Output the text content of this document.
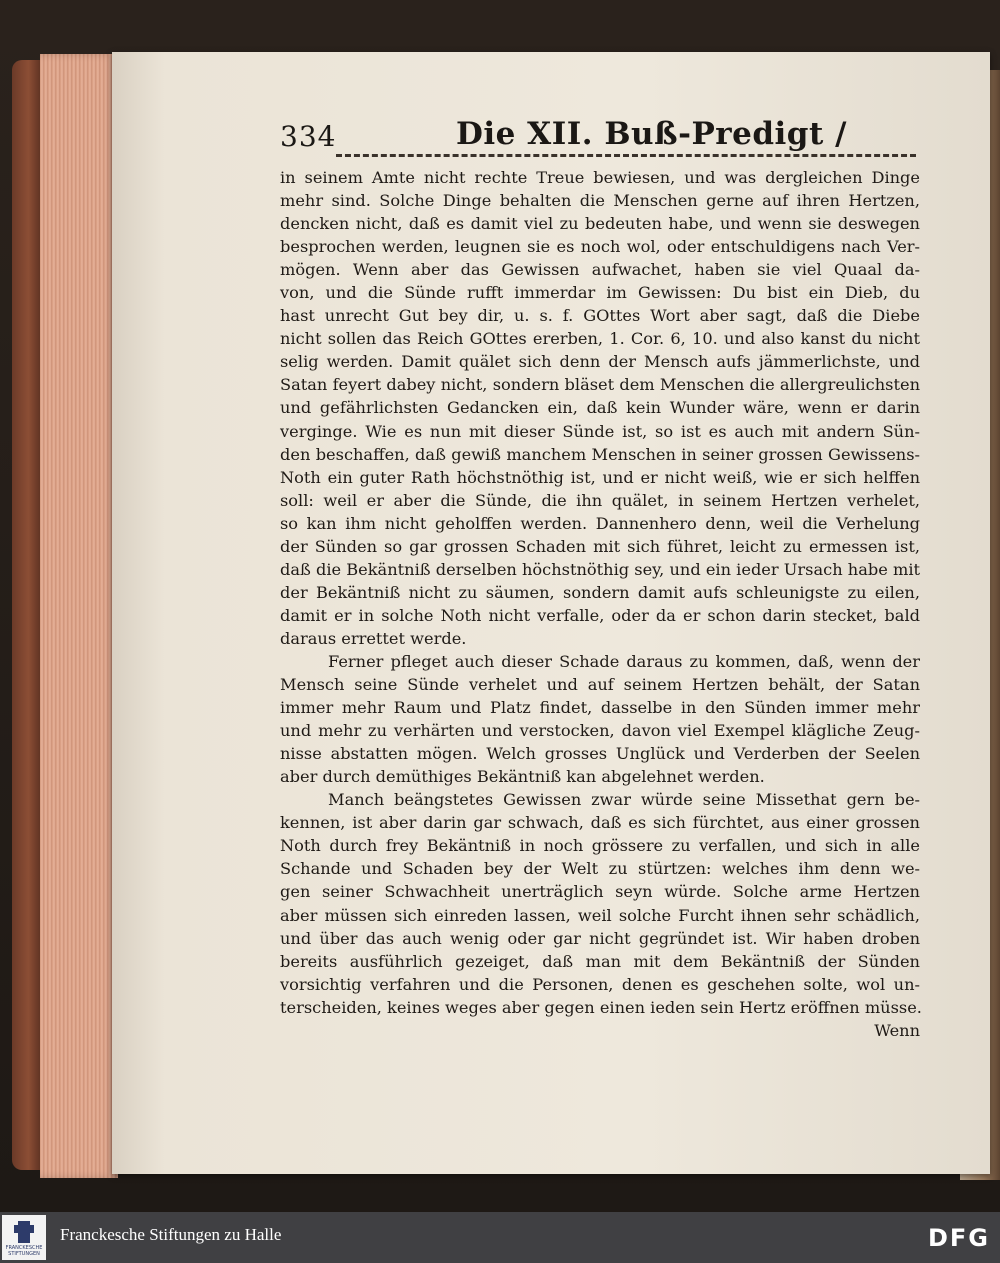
334	Die XII. Buß-Predigt /
in seinem Amte nicht rechte Treue bewiesen, und was dergleichen Dinge
mehr sind. Solche Dinge behalten die Menschen gerne auf ihren Hertzen,
dencken nicht, daß es damit viel zu bedeuten habe, und wenn sie deswegen
besprochen werden, leugnen sie es noch wol, oder entschuldigens nach Ver-
mögen. Wenn aber das Gewissen aufwachet, haben sie viel Quaal da-
von, und die Sünde rufft immerdar im Gewissen: Du bist ein Dieb, du
hast unrecht Gut bey dir, u. s. f. GOttes Wort aber sagt, daß die Diebe
nicht sollen das Reich GOttes ererben, 1. Cor. 6, 10. und also kanst du nicht
selig werden. Damit quälet sich denn der Mensch aufs jämmerlichste, und
Satan feyert dabey nicht, sondern bläset dem Menschen die allergreulichsten
und gefährlichsten Gedancken ein, daß kein Wunder wäre, wenn er darin
verginge. Wie es nun mit dieser Sünde ist, so ist es auch mit andern Sün-
den beschaffen, daß gewiß manchem Menschen in seiner grossen Gewissens-
Noth ein guter Rath höchstnöthig ist, und er nicht weiß, wie er sich helffen
soll: weil er aber die Sünde, die ihn quälet, in seinem Hertzen verhelet,
so kan ihm nicht geholffen werden. Dannenhero denn, weil die Verhelung
der Sünden so gar grossen Schaden mit sich führet, leicht zu ermessen ist,
daß die Bekäntniß derselben höchstnöthig sey, und ein ieder Ursach habe mit
der Bekäntniß nicht zu säumen, sondern damit aufs schleunigste zu eilen,
damit er in solche Noth nicht verfalle, oder da er schon darin stecket, bald
daraus errettet werde.
Ferner pfleget auch dieser Schade daraus zu kommen, daß, wenn der
Mensch seine Sünde verhelet und auf seinem Hertzen behält, der Satan
immer mehr Raum und Platz findet, dasselbe in den Sünden immer mehr
und mehr zu verhärten und verstocken, davon viel Exempel klägliche Zeug-
nisse abstatten mögen. Welch grosses Unglück und Verderben der Seelen
aber durch demüthiges Bekäntniß kan abgelehnet werden.
Manch beängstetes Gewissen zwar würde seine Missethat gern be-
kennen, ist aber darin gar schwach, daß es sich fürchtet, aus einer grossen
Noth durch frey Bekäntniß in noch grössere zu verfallen, und sich in alle
Schande und Schaden bey der Welt zu stürtzen: welches ihm denn we-
gen seiner Schwachheit unerträglich seyn würde. Solche arme Hertzen
aber müssen sich einreden lassen, weil solche Furcht ihnen sehr schädlich,
und über das auch wenig oder gar nicht gegründet ist. Wir haben droben
bereits ausführlich gezeiget, daß man mit dem Bekäntniß der Sünden
vorsichtig verfahren und die Personen, denen es geschehen solte, wol un-
terscheiden, keines weges aber gegen einen ieden sein Hertz eröffnen müsse.
Wenn
FRANCKESCHE STIFTUNGEN
Franckesche Stiftungen zu Halle	DFG
